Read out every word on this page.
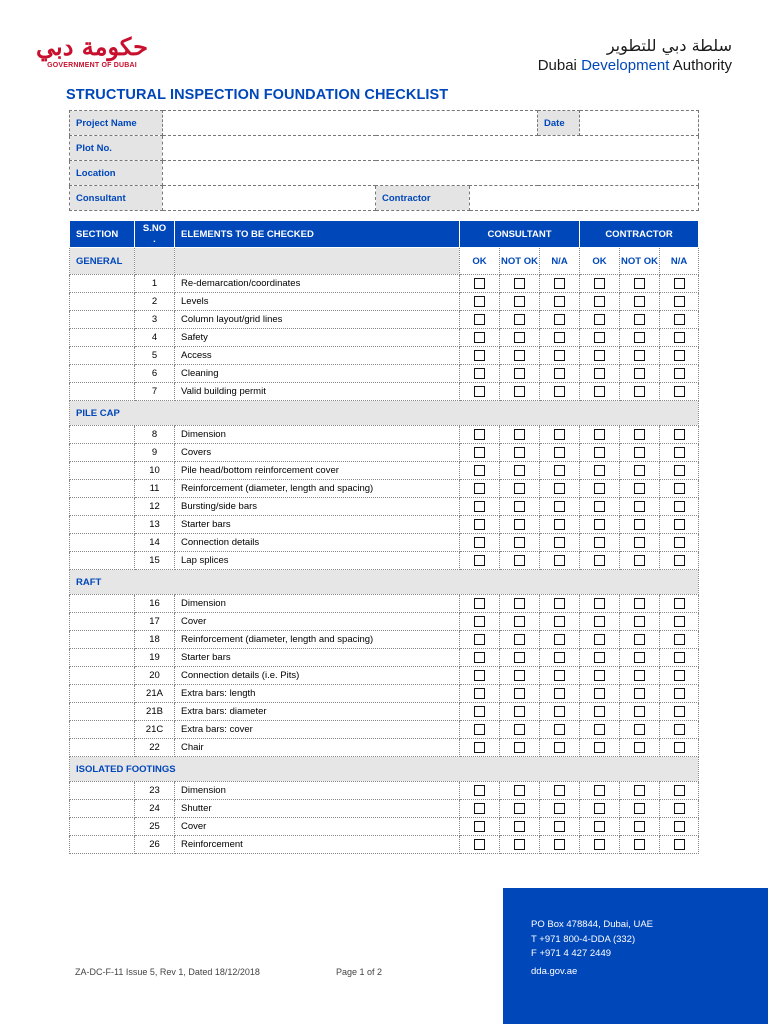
حكومة دبي
GOVERNMENT OF DUBAI
سلطة دبي للتطوير
Dubai Development Authority
STRUCTURAL INSPECTION FOUNDATION CHECKLIST
Project Name				Date	
Plot No.					
Location					
Consultant		Contractor			
SECTION	S.NO .	ELEMENTS TO BE CHECKED	CONSULTANT			CONTRACTOR		
GENERAL			OK	NOT OK	N/A	OK	NOT OK	N/A
	1	Re-demarcation/coordinates						
	2	Levels						
	3	Column layout/grid lines						
	4	Safety						
	5	Access						
	6	Cleaning						
	7	Valid building permit						
PILE CAP								
	8	Dimension						
	9	Covers						
	10	Pile head/bottom reinforcement cover						
	11	Reinforcement (diameter, length and spacing)						
	12	Bursting/side bars						
	13	Starter bars						
	14	Connection details						
	15	Lap splices						
RAFT								
	16	Dimension						
	17	Cover						
	18	Reinforcement (diameter, length and spacing)						
	19	Starter bars						
	20	Connection details (i.e. Pits)						
	21A	Extra bars: length						
	21B	Extra bars: diameter						
	21C	Extra bars: cover						
	22	Chair						
ISOLATED FOOTINGS								
	23	Dimension						
	24	Shutter						
	25	Cover						
	26	Reinforcement						
ZA-DC-F-11 Issue 5, Rev 1, Dated 18/12/2018	Page 1 of 2
PO Box 478844, Dubai, UAE
T +971 800-4-DDA (332)
F +971 4 427 2449
dda.gov.ae
